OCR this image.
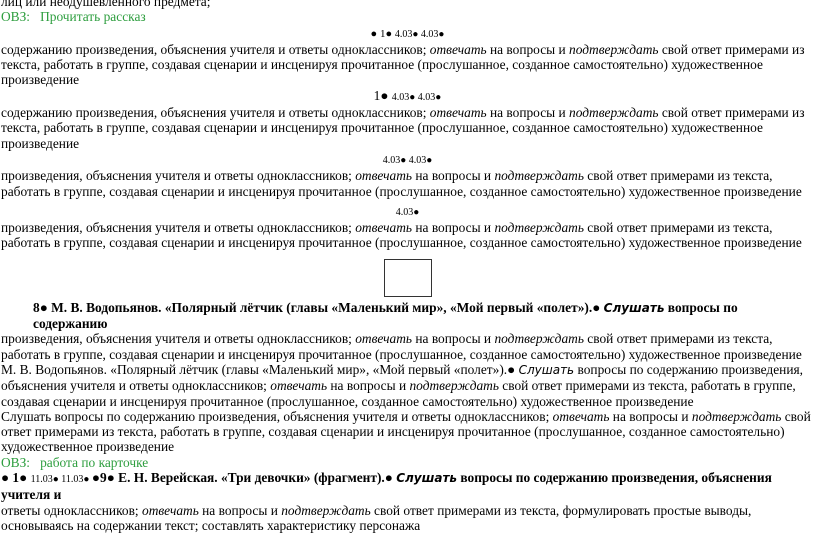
лиц или неодушевленного предмета;

ОВЗ: Прочитать рассказ

● 1● 4.03● 4.03●

содержанию произведения, объяснения учителя и ответы одноклассников; отвечать на вопросы и подтверждать свой ответ примерами из текста, работать в группе, создавая сценарии и инсценируя прочитанное (прослушанное, созданное самостоятельно) художественное произведение

1● 4.03● 4.03●

содержанию произведения, объяснения учителя и ответы одноклассников; отвечать на вопросы и подтверждать свой ответ примерами из текста, работать в группе, создавая сценарии и инсценируя прочитанное (прослушанное, созданное самостоятельно) художественное произведение

4.03● 4.03●

произведения, объяснения учителя и ответы одноклассников; отвечать на вопросы и подтверждать свой ответ примерами из текста, работать в группе, создавая сценарии и инсценируя прочитанное (прослушанное, созданное самостоятельно) художественное произведение

4.03●

произведения, объяснения учителя и ответы одноклассников; отвечать на вопросы и подтверждать свой ответ примерами из текста, работать в группе, создавая сценарии и инсценируя прочитанное (прослушанное, созданное самостоятельно) художественное произведение

8● М. В. Водопьянов. «Полярный лётчик (главы «Маленький мир», «Мой первый «полет»).● Слушать вопросы по содержанию

произведения, объяснения учителя и ответы одноклассников; отвечать на вопросы и подтверждать свой ответ примерами из текста, работать в группе, создавая сценарии и инсценируя прочитанное (прослушанное, созданное самостоятельно) художественное произведение

М. В. Водопьянов. «Полярный лётчик (главы «Маленький мир», «Мой первый «полет»).● Слушать вопросы по содержанию произведения, объяснения учителя и ответы одноклассников; отвечать на вопросы и подтверждать свой ответ примерами из текста, работать в группе, создавая сценарии и инсценируя прочитанное (прослушанное, созданное самостоятельно) художественное произведение

Слушать вопросы по содержанию произведения, объяснения учителя и ответы одноклассников; отвечать на вопросы и подтверждать свой ответ примерами из текста, работать в группе, создавая сценарии и инсценируя прочитанное (прослушанное, созданное самостоятельно) художественное произведение

ОВЗ: работа по карточке

● 1● 11.03● 11.03● ●9● Е. Н. Верейская. «Три девочки» (фрагмент).● Слушать вопросы по содержанию произведения, объяснения учителя и

ответы одноклассников; отвечать на вопросы и подтверждать свой ответ примерами из текста, формулировать простые выводы, основываясь на содержании текст; составлять характеристику персонажа
